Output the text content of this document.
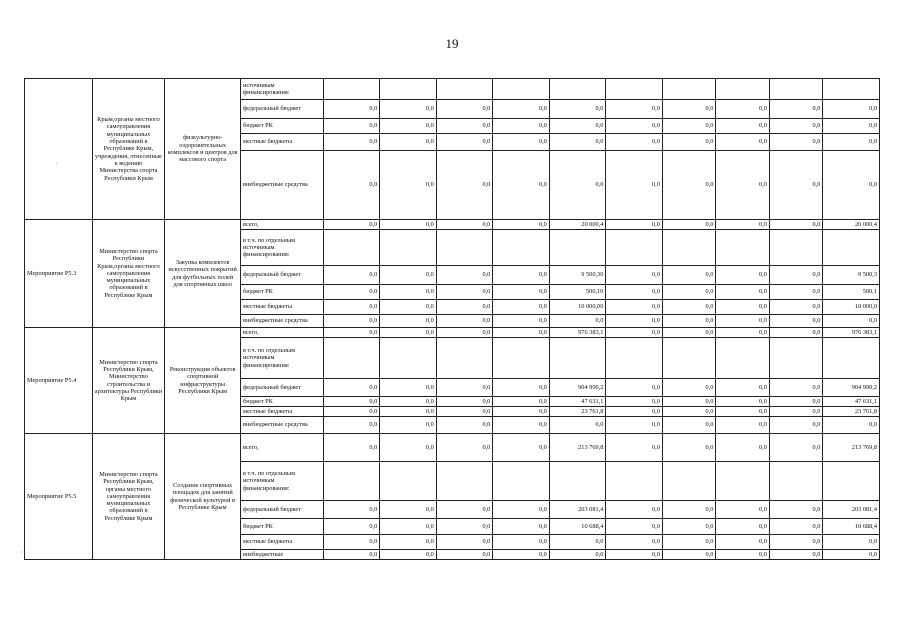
19
	Крым,органы местного самоуправления муниципальных образований в Республике Крым, учреждения, отнесенные к ведению Министерства спорта Республики Крым	физкультурно-оздоровительных комплексов и центров для массового спорта	источникам финансирования:										
			федеральный бюджет	0,0	0,0	0,0	0,0	0,0	0,0	0,0	0,0	0,0	0,0
			бюджет РК	0,0	0,0	0,0	0,0	0,0	0,0	0,0	0,0	0,0	0,0
			местные бюджеты	0,0	0,0	0,0	0,0	0,0	0,0	0,0	0,0	0,0	0,0
			внебюджетные средства	0,0	0,0	0,0	0,0	0,0	0,0	0,0	0,0	0,0	0,0
Мероприятие Р5.3	Министерство спорта Республики Крым,органы местного самоуправления муниципальных образований в Республике Крым	Закупка комплектов искусственных покрытий для футбольных полей для спортивных школ	всего,	0,0	0,0	0,0	0,0	20 000,4	0,0	0,0	0,0	0,0	20 000,4
			в т.ч. по отдельным источникам финансирования:										
			федеральный бюджет	0,0	0,0	0,0	0,0	9 500,30	0,0	0,0	0,0	0,0	9 500,3
			бюджет РК	0,0	0,0	0,0	0,0	500,10	0,0	0,0	0,0	0,0	500,1
			местные бюджеты	0,0	0,0	0,0	0,0	10 000,00	0,0	0,0	0,0	0,0	10 000,0
			внебюджетные средства	0,0	0,0	0,0	0,0	0,0	0,0	0,0	0,0	0,0	0,0
Мероприятие Р5.4	Министерство спорта Республики Крым, Министерство строительства и архитектуры Республики Крым	Реконструкция объектов спортивной инфраструктуры Республики Крым	всего,	0,0	0,0	0,0	0,0	976 383,1	0,0	0,0	0,0	0,0	976 383,1
			в т.ч. по отдельным источникам финансирования:										
			федеральный бюджет	0,0	0,0	0,0	0,0	904 990,2	0,0	0,0	0,0	0,0	904 990,2
			бюджет РК	0,0	0,0	0,0	0,0	47 631,1	0,0	0,0	0,0	0,0	47 631,1
			местные бюджеты	0,0	0,0	0,0	0,0	23 761,8	0,0	0,0	0,0	0,0	23 761,8
			внебюджетные средства	0,0	0,0	0,0	0,0	0,0	0,0	0,0	0,0	0,0	0,0
Мероприятие Р5.5	Министерство спорта Республики Крым, органы местного самоуправления муниципальных образований в Республике Крым	Создание спортивных площадок для занятий физической культурой в Республике Крым	всего,	0,0	0,0	0,0	0,0	213 769,8	0,0	0,0	0,0	0,0	213 769,8
			в т.ч. по отдельным источникам финансирования:										
			федеральный бюджет	0,0	0,0	0,0	0,0	203 081,4	0,0	0,0	0,0	0,0	203 081,4
			бюджет РК	0,0	0,0	0,0	0,0	10 688,4	0,0	0,0	0,0	0,0	10 688,4
			местные бюджеты	0,0	0,0	0,0	0,0	0,0	0,0	0,0	0,0	0,0	0,0
			внебюджетные	0,0	0,0	0,0	0,0	0,0	0,0	0,0	0,0	0,0	0,0
׳
·
